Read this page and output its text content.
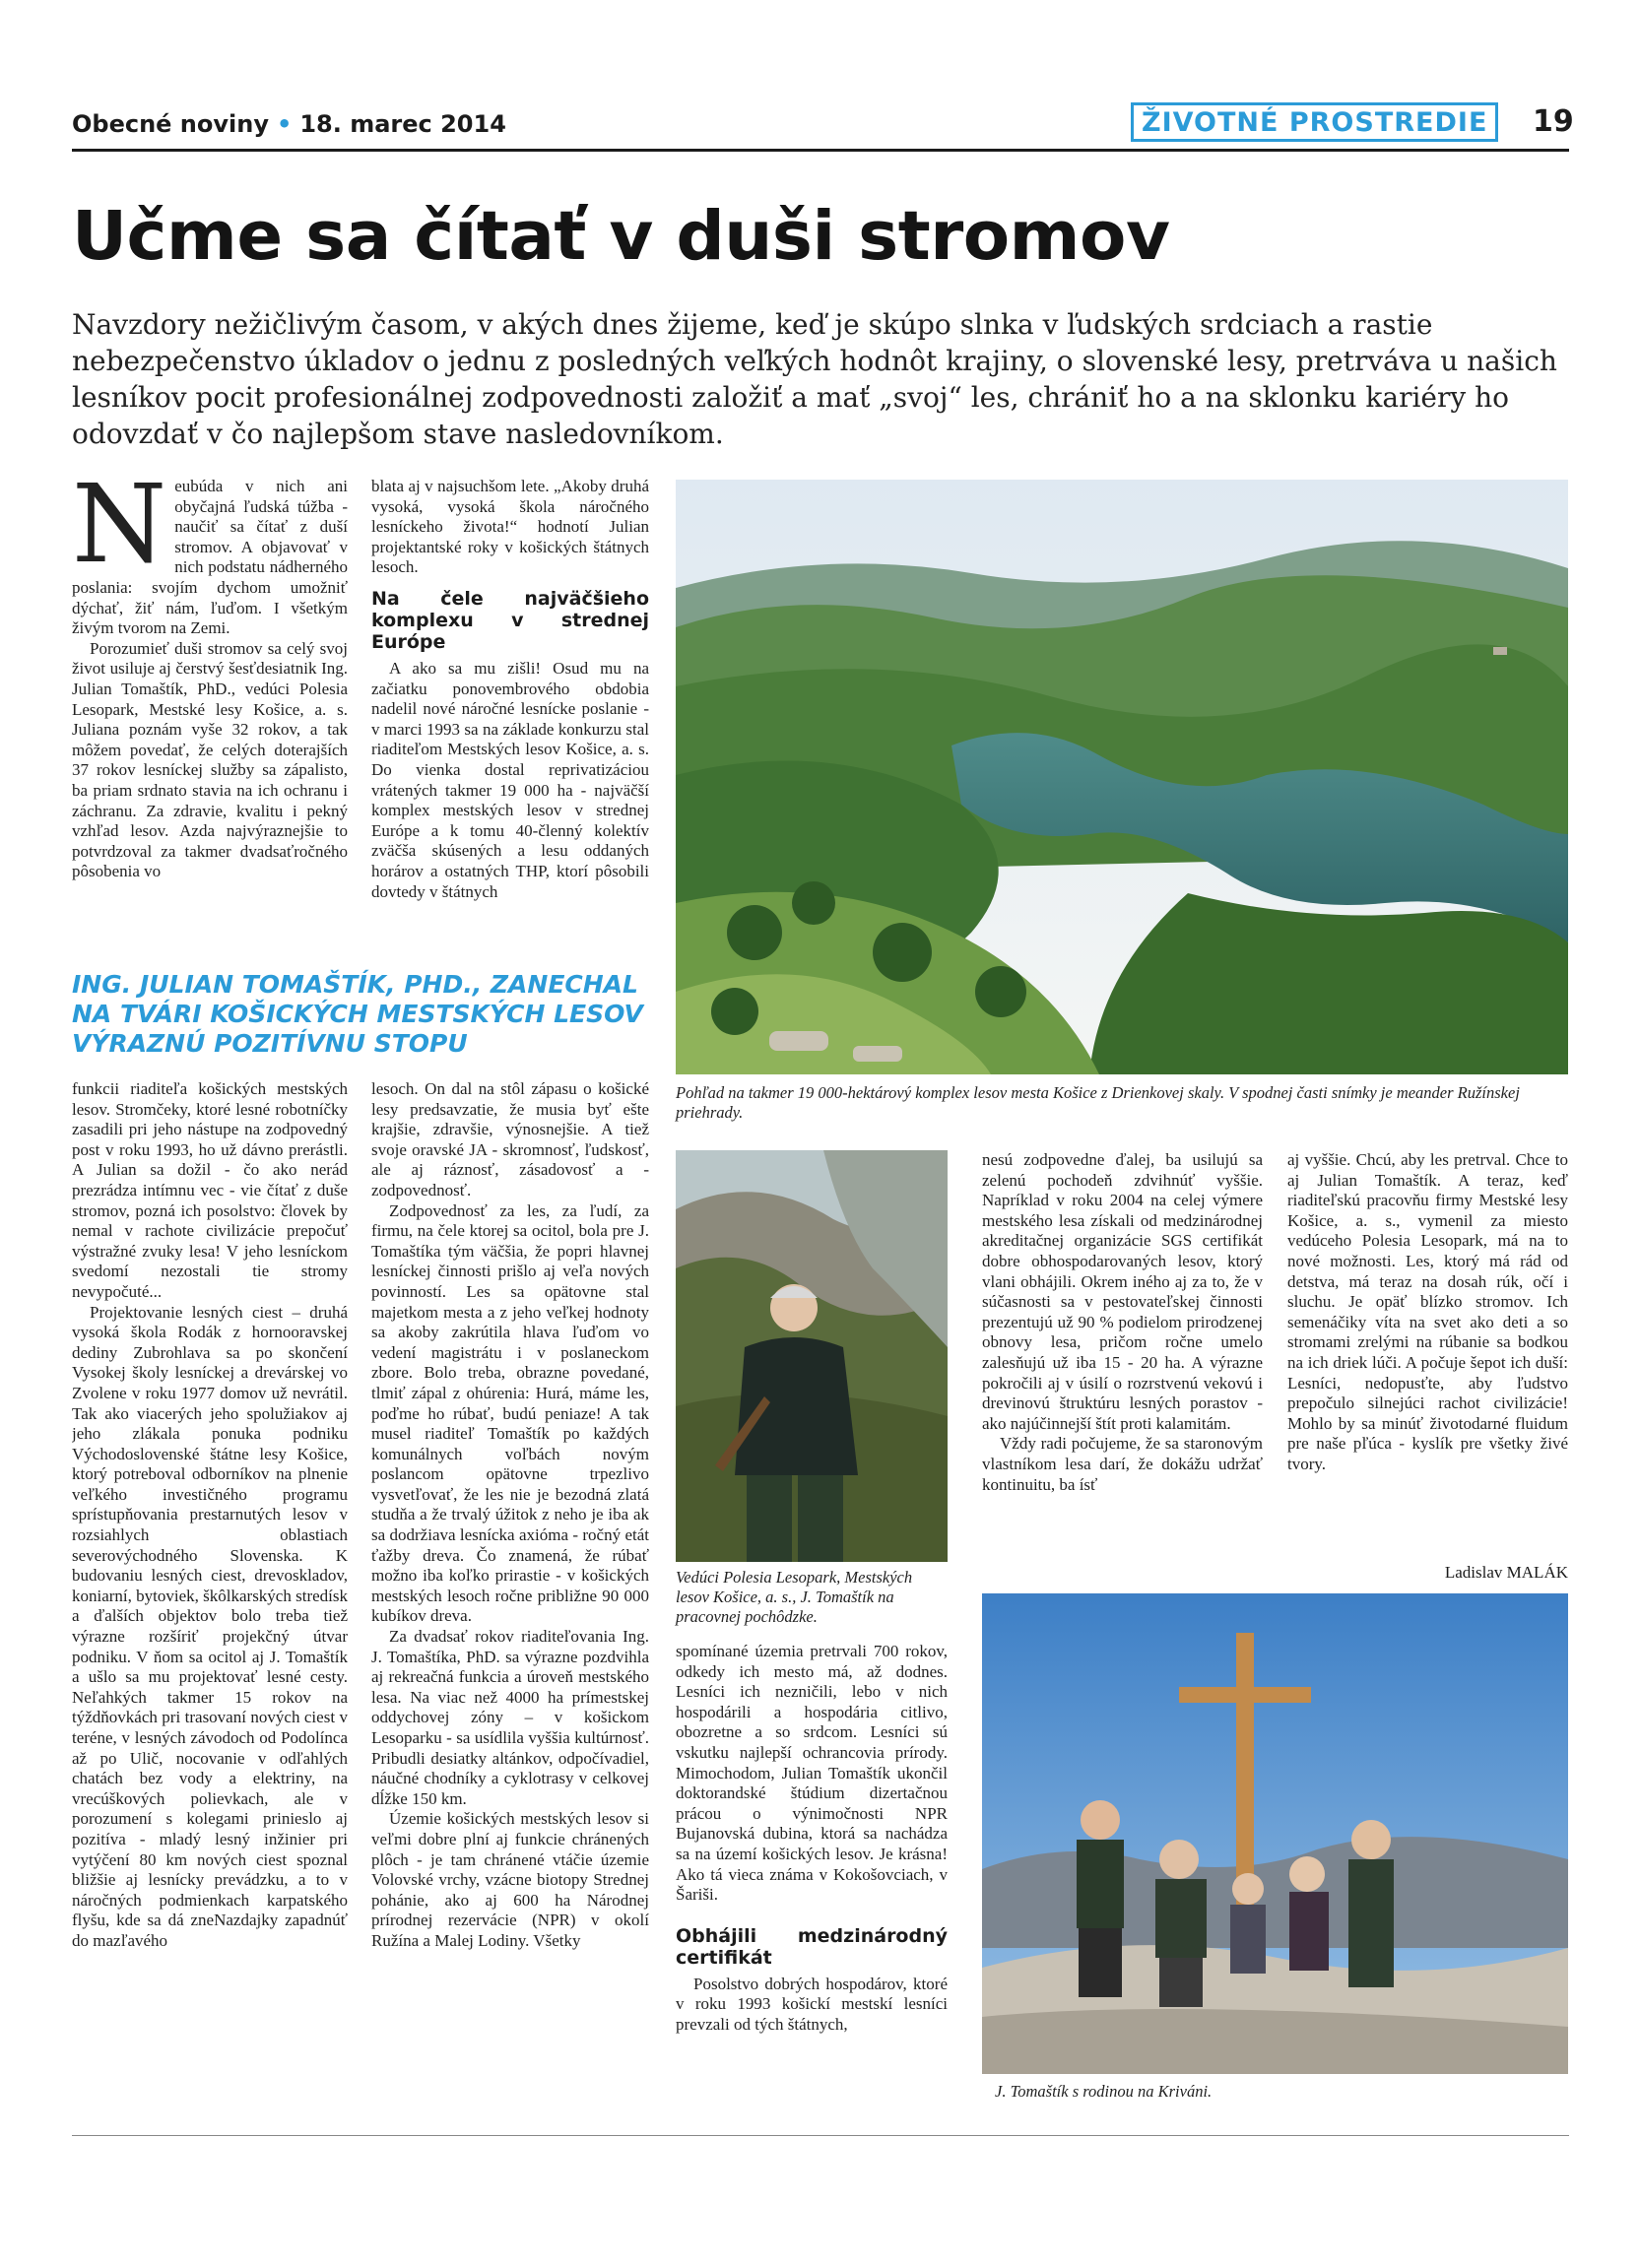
Obecné noviny • 18. marec 2014	ŽIVOTNÉ PROSTREDIE	19
Učme sa čítať v duši stromov
Navzdory nežičlivým časom, v akých dnes žijeme, keď je skúpo slnka v ľudských srdciach a rastie nebezpečenstvo úkladov o jednu z posledných veľkých hodnôt krajiny, o slovenské lesy, pretrváva u našich lesníkov pocit profesionálnej zodpovednosti založiť a mať „svoj“ les, chrániť ho a na sklonku kariéry ho odovzdať v čo najlepšom stave nasledovníkom.

Neubúda v nich ani obyčajná ľudská túžba - naučiť sa čítať z duší stromov. A objavovať v nich podstatu nádherného poslania: svojím dychom umožniť dýchať, žiť nám, ľuďom. I všetkým živým tvorom na Zemi.

Porozumieť duši stromov sa celý svoj život usiluje aj čerstvý šesťdesiatnik Ing. Julian Tomaštík, PhD., vedúci Polesia Lesopark, Mestské lesy Košice, a. s. Juliana poznám vyše 32 rokov, a tak môžem povedať, že celých doterajších 37 rokov lesníckej služby sa zápalisto, ba priam srdnato stavia na ich ochranu i záchranu. Za zdravie, kvalitu i pekný vzhľad lesov. Azda najvýraznejšie to potvrdzoval za takmer dvadsaťročného pôsobenia vo

blata aj v najsuchšom lete. „Akoby druhá vysoká, vysoká škola náročného lesníckeho života!“ hodnotí Julian projektantské roky v košických štátnych lesoch.

Na čele najväčšieho komplexu v strednej Európe

A ako sa mu zišli! Osud mu na začiatku ponovembrového obdobia nadelil nové náročné lesnícke poslanie - v marci 1993 sa na základe konkurzu stal riaditeľom Mestských lesov Košice, a. s. Do vienka dostal reprivatizáciou vrátených takmer 19 000 ha - najväčší komplex mestských lesov v strednej Európe a k tomu 40-členný kolektív zväčša skúsených a lesu oddaných horárov a ostatných THP, ktorí pôsobili dovtedy v štátnych

ING. JULIAN TOMAŠTÍK, PHD., ZANECHAL NA TVÁRI KOŠICKÝCH MESTSKÝCH LESOV VÝRAZNÚ POZITÍVNU STOPU
Pohľad na takmer 19 000-hektárový komplex lesov mesta Košice z Drienkovej skaly. V spodnej časti snímky je meander Ružínskej priehrady.

funkcii riaditeľa košických mestských lesov. Stromčeky, ktoré lesné robotníčky zasadili pri jeho nástupe na zodpovedný post v roku 1993, ho už dávno prerástli. A Julian sa dožil - čo ako nerád prezrádza intímnu vec - vie čítať z duše stromov, pozná ich posolstvo: človek by nemal v rachote civilizácie prepočuť výstražné zvuky lesa! V jeho lesníckom svedomí nezostali tie stromy nevypočuté...

Projektovanie lesných ciest – druhá vysoká škola Rodák z hornooravskej dediny Zubrohlava sa po skončení Vysokej školy lesníckej a drevárskej vo Zvolene v roku 1977 domov už nevrátil. Tak ako viacerých jeho spolužiakov aj jeho zlákala ponuka podniku Východoslovenské štátne lesy Košice, ktorý potreboval odborníkov na plnenie veľkého investičného programu sprístupňovania prestarnutých lesov v rozsiahlych oblastiach severovýchodného Slovenska. K budovaniu lesných ciest, drevoskladov, koniarní, bytoviek, škôlkarských stredísk a ďalších objektov bolo treba tiež výrazne rozšíriť projekčný útvar podniku. V ňom sa ocitol aj J. Tomaštík a ušlo sa mu projektovať lesné cesty. Neľahkých takmer 15 rokov na týždňovkách pri trasovaní nových ciest v teréne, v lesných závodoch od Podolínca až po Ulič, nocovanie v odľahlých chatách bez vody a elektriny, na vrecúškových polievkach, ale v porozumení s kolegami prinieslo aj pozitíva - mladý lesný inžinier pri vytýčení 80 km nových ciest spoznal bližšie aj lesnícky prevádzku, a to v náročných podmienkach karpatského flyšu, kde sa dá zneNazdajky zapadnúť do mazľavého

lesoch. On dal na stôl zápasu o košické lesy predsavzatie, že musia byť ešte krajšie, zdravšie, výnosnejšie. A tiež svoje oravské JA - skromnosť, ľudskosť, ale aj ráznosť, zásadovosť a - zodpovednosť.

Zodpovednosť za les, za ľudí, za firmu, na čele ktorej sa ocitol, bola pre J. Tomaštíka tým väčšia, že popri hlavnej lesníckej činnosti prišlo aj veľa nových povinností. Les sa opätovne stal majetkom mesta a z jeho veľkej hodnoty sa akoby zakrútila hlava ľuďom vo vedení magistrátu i v poslaneckom zbore. Bolo treba, obrazne povedané, tlmiť zápal z ohúrenia: Hurá, máme les, poďme ho rúbať, budú peniaze! A tak musel riaditeľ Tomaštík po každých komunálnych voľbách novým poslancom opätovne trpezlivo vysvetľovať, že les nie je bezodná zlatá studňa a že trvalý úžitok z neho je iba ak sa dodržiava lesnícka axióma - ročný etát ťažby dreva. Čo znamená, že rúbať možno iba koľko prirastie - v košických mestských lesoch ročne približne 90 000 kubíkov dreva.

Za dvadsať rokov riaditeľovania Ing. J. Tomaštíka, PhD. sa výrazne pozdvihla aj rekreačná funkcia a úroveň mestského lesa. Na viac než 4000 ha prímestskej oddychovej zóny – v košickom Lesoparku - sa usídlila vyššia kultúrnosť. Pribudli desiatky altánkov, odpočívadiel, náučné chodníky a cyklotrasy v celkovej dĺžke 150 km.

Územie košických mestských lesov si veľmi dobre plní aj funkcie chránených plôch - je tam chránené vtáčie územie Volovské vrchy, vzácne biotopy Strednej pohánie, ako aj 600 ha Národnej prírodnej rezervácie (NPR) v okolí Ružína a Malej Lodiny. Všetky

Vedúci Polesia Lesopark, Mestských lesov Košice, a. s., J. Tomaštík na pracovnej pochôdzke.

spomínané územia pretrvali 700 rokov, odkedy ich mesto má, až dodnes. Lesníci ich nezničili, lebo v nich hospodárili a hospodária citlivo, obozretne a so srdcom. Lesníci sú vskutku najlepší ochrancovia prírody. Mimochodom, Julian Tomaštík ukončil doktorandské štúdium dizertačnou prácou o výnimočnosti NPR Bujanovská dubina, ktorá sa nachádza sa na území košických lesov. Je krásna! Ako tá vieca známa v Kokošovciach, v Šariši.

Obhájili medzinárodný certifikát

Posolstvo dobrých hospodárov, ktoré v roku 1993 košickí mestskí lesníci prevzali od tých štátnych,

nesú zodpovedne ďalej, ba usilujú sa zelenú pochodeň zdvihnúť vyššie. Napríklad v roku 2004 na celej výmere mestského lesa získali od medzinárodnej akreditačnej organizácie SGS certifikát dobre obhospodarovaných lesov, ktorý vlani obhájili. Okrem iného aj za to, že v súčasnosti sa v pestovateľskej činnosti prezentujú už 90 % podielom prirodzenej obnovy lesa, pričom ročne umelo zalesňujú už iba 15 - 20 ha. A výrazne pokročili aj v úsilí o rozrstvenú vekovú i drevinovú štruktúru lesných porastov - ako najúčinnejší štít proti kalamitám.

Vždy radi počujeme, že sa staronovým vlastníkom lesa darí, že dokážu udržať kontinuitu, ba ísť

aj vyššie. Chcú, aby les pretrval. Chce to aj Julian Tomaštík. A teraz, keď riaditeľskú pracovňu firmy Mestské lesy Košice, a. s., vymenil za miesto vedúceho Polesia Lesopark, má na to nové možnosti. Les, ktorý má rád od detstva, má teraz na dosah rúk, očí i sluchu. Je opäť blízko stromov. Ich semenáčiky víta na svet ako deti a so stromami zrelými na rúbanie sa bodkou na ich driek lúči. A počuje šepot ich duší: Lesníci, nedopusťte, aby ľudstvo prepočulo silnejúci rachot civilizácie! Mohlo by sa minúť životodarné fluidum pre naše pľúca - kyslík pre všetky živé tvory.

Ladislav MALÁK
J. Tomaštík s rodinou na Kriváni.
